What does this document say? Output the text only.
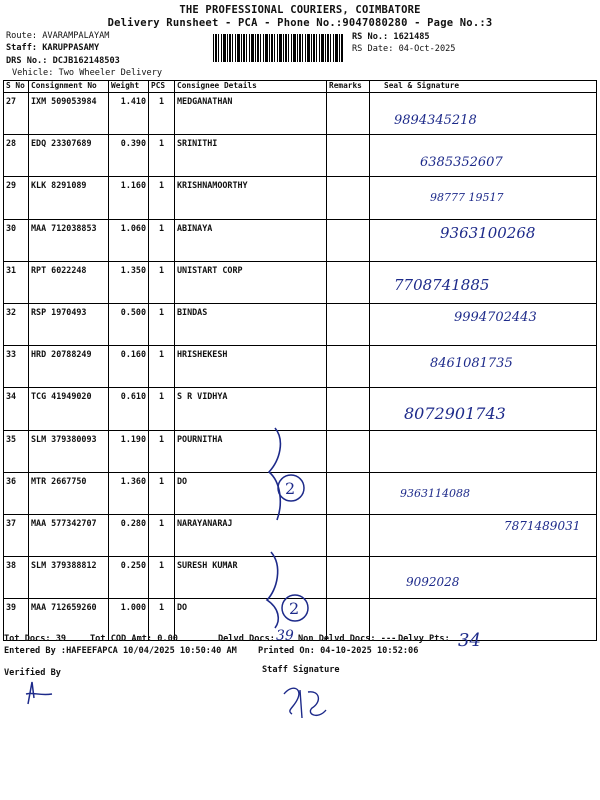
THE PROFESSIONAL COURIERS, COIMBATORE
Delivery Runsheet - PCA - Phone No.:9047080280 - Page No.:3
Route: AVARAMPALAYAM
Staff: KARUPPASAMY
DRS No.: DCJB162148503
Vehicle: Two Wheeler Delivery
RS No.: 1621485
RS Date: 04-Oct-2025
S No	Consignment No	Weight	PCS	Consignee Details	Remarks	Seal & Signature
27	IXM 509053984	1.410	1	MEDGANATHAN		9894345218

28	EDQ 23307689	0.390	1	SRINITHI		6385352607

29	KLK 8291089	1.160	1	KRISHNAMOORTHY		98777 19517

30	MAA 712038853	1.060	1	ABINAYA		9363100268

31	RPT 6022248	1.350	1	UNISTART CORP		7708741885

32	RSP 1970493	0.500	1	BINDAS		9994702443

33	HRD 20788249	0.160	1	HRISHEKESH		8461081735

34	TCG 41949020	0.610	1	S R VIDHYA		8072901743

35	SLM 379380093	1.190	1	POURNITHA		
36	MTR 2667750	1.360	1	DO		9363114088

37	MAA 577342707	0.280	1	NARAYANARAJ		7871489031

38	SLM 379388812	0.250	1	SURESH KUMAR		9092028

39	MAA 712659260	1.000	1	DO		
2
2
Tot Docs: 39	Tot COD Amt: 0.00	Delvd Docs: 39 Non Delvd Docs: --- Delvy Pts: 34
Entered By :HAFEEFAPCA 10/04/2025 10:50:40 AM Printed On: 04-10-2025 10:52:06
Verified By	Staff Signature
